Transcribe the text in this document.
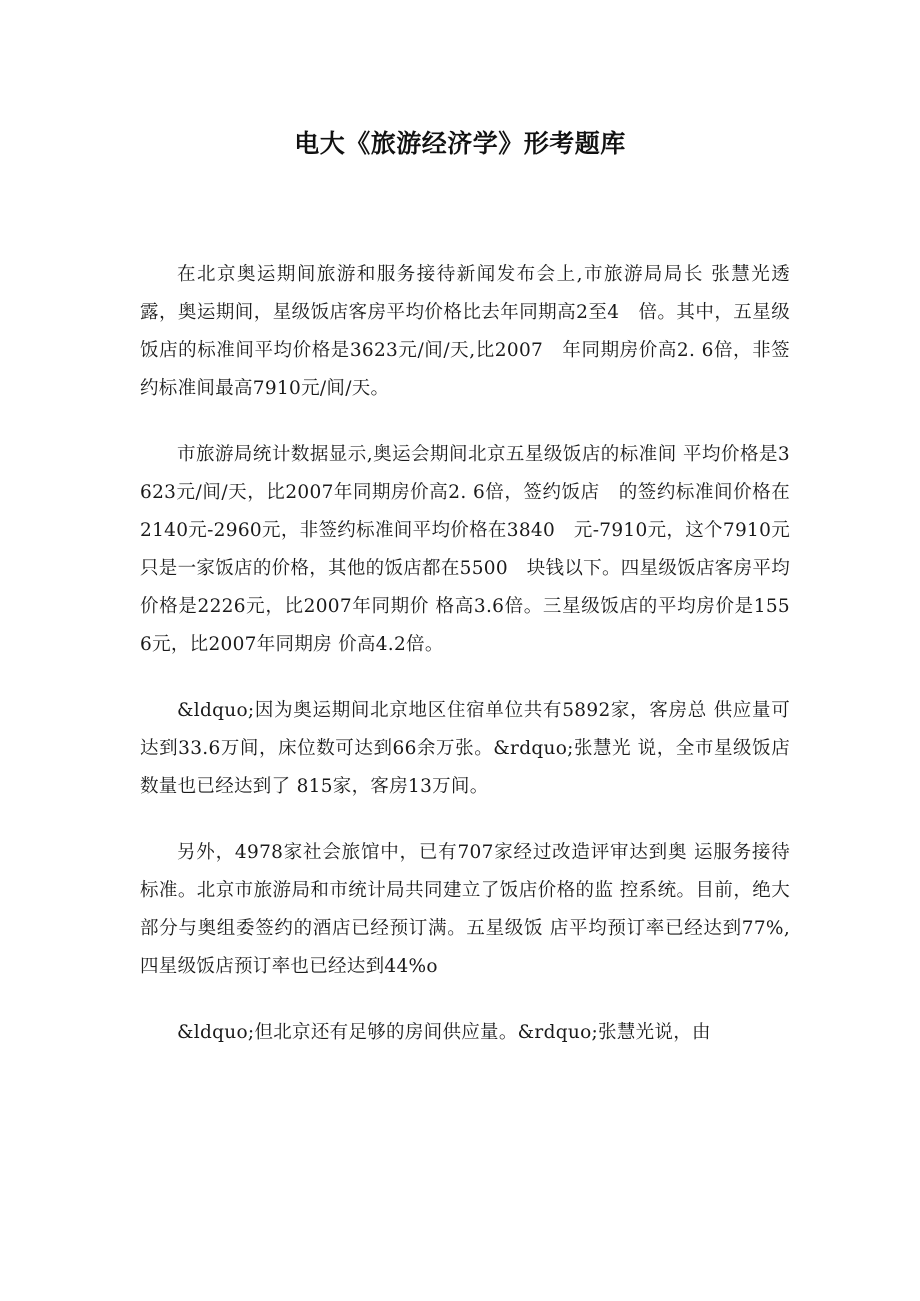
电大《旅游经济学》形考题库

在北京奥运期间旅游和服务接待新闻发布会上,市旅游局局长 张慧光透露，奥运期间，星级饭店客房平均价格比去年同期高2至4　倍。其中，五星级饭店的标准间平均价格是3623元/间/天,比2007　年同期房价高2. 6倍，非签约标准间最高7910元/间/天。

市旅游局统计数据显示,奥运会期间北京五星级饭店的标准间 平均价格是3623元/间/天，比2007年同期房价高2. 6倍，签约饭店　的签约标准间价格在2140元-2960元，非签约标准间平均价格在3840　元-7910元，这个7910元只是一家饭店的价格，其他的饭店都在5500　块钱以下。四星级饭店客房平均价格是2226元，比2007年同期价 格高3.6倍。三星级饭店的平均房价是1556元，比2007年同期房 价高4.2倍。

&ldquo;因为奥运期间北京地区住宿单位共有5892家，客房总 供应量可达到33.6万间，床位数可达到66余万张。&rdquo;张慧光 说，全市星级饭店数量也已经达到了 815家，客房13万间。

另外，4978家社会旅馆中，已有707家经过改造评审达到奥 运服务接待标准。北京市旅游局和市统计局共同建立了饭店价格的监 控系统。目前，绝大部分与奥组委签约的酒店已经预订满。五星级饭 店平均预订率已经达到77%,四星级饭店预订率也已经达到44%o

&ldquo;但北京还有足够的房间供应量。&rdquo;张慧光说，由
